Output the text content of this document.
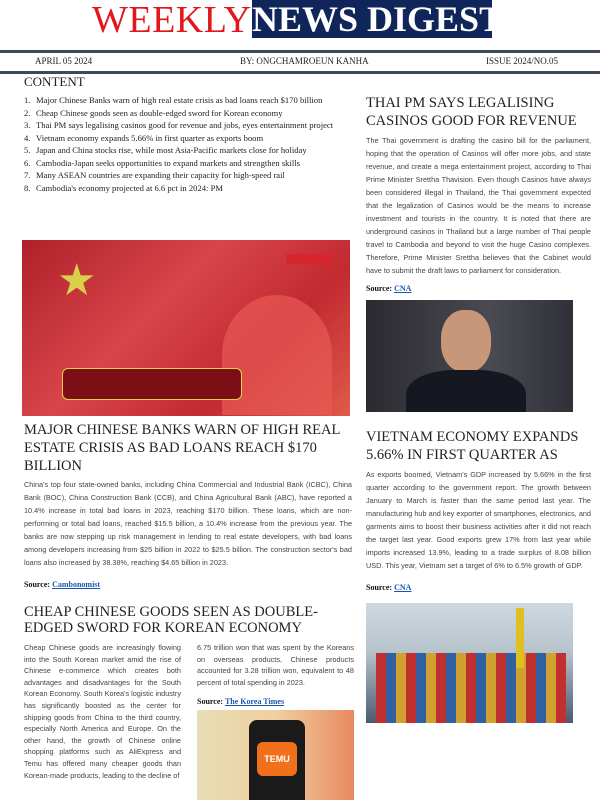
WEEKLY NEWS DIGEST
APRIL 05 2024	BY: ONGCHAMROEUN KANHA	ISSUE 2024/NO.05
CONTENT
1. Major Chinese Banks warn of high real estate crisis as bad loans reach $170 billion
2. Cheap Chinese goods seen as double-edged sword for Korean economy
3. Thai PM says legalising casinos good for revenue and jobs, eyes entertainment project
4. Vietnam economy expands 5.66% in first quarter as exports boom
5. Japan and China stocks rise, while most Asia-Pacific markets close for holiday
6. Cambodia-Japan seeks opportunities to expand markets and strengthen skills
7. Many ASEAN countries are expanding their capacity for high-speed rail
8. Cambodia's economy projected at 6.6 pct in 2024: PM
★
MAJOR CHINESE BANKS WARN OF HIGH REAL ESTATE CRISIS AS BAD LOANS REACH $170 BILLION
China's top four state-owned banks, including China Commercial and Industrial Bank (ICBC), China Bank (BOC), China Construction Bank (CCB), and China Agricultural Bank (ABC), have reported a 10.4% increase in total bad loans in 2023, reaching $170 billion. These loans, which are non-performing or total bad loans, reached $15.5 billion, a 10.4% increase from the previous year. The banks are now stepping up risk management in lending to real estate developers, with bad loans among developers increasing from $25 billion in 2022 to $25.5 billion. The construction sector's bad loans also increased by 38.38%, reaching $4.65 billion in 2023.
Source: Cambonomist
CHEAP CHINESE GOODS SEEN AS DOUBLE-EDGED SWORD FOR KOREAN ECONOMY
Cheap Chinese goods are increasingly flowing into the South Korean market amid the rise of Chinese e-commerce which creates both advantages and disadvantages for the South Korean Economy. South Korea's logistic industry has significantly boosted as the center for shipping goods from China to the third country, especially North America and Europe. On the other hand, the growth of Chinese online shopping platforms such as AliExpress and Temu has offered many cheaper goods than Korean-made products, leading to the decline of
6.75 trillion won that was spent by the Koreans on overseas products, Chinese products accounted for 3.28 trillion won, equivalent to 48 percent of total spending in 2023.
Source: The Korea Times
TEMU
THAI PM SAYS LEGALISING CASINOS GOOD FOR REVENUE
The Thai government is drafting the casino bill for the parliament, hoping that the operation of Casinos will offer more jobs, and state revenue, and create a mega entertainment project, according to Thai Prime Minister Srettha Thavision. Even though Casinos have always been considered illegal in Thailand, the Thai government expected that the legalization of Casinos would be the means to increase investment and tourists in the country. It is noted that there are underground casinos in Thailand but a large number of Thai people travel to Cambodia and beyond to visit the huge Casino complexes. Therefore, Prime Minister Srettha believes that the Cabinet would have to submit the draft laws to parliament for consideration.
Source: CNA
VIETNAM ECONOMY EXPANDS 5.66% IN FIRST QUARTER AS
As exports boomed, Vietnam's GDP increased by 5.66% in the first quarter according to the government report. The growth between January to March is faster than the same period last year. The manufacturing hub and key exporter of smartphones, electronics, and garments aims to boost their business activities after it did not reach the target last year. Good exports grew 17% from last year while imports increased 13.9%, leading to a trade surplus of 8.08 billion USD. This year, Vietnam set a target of 6% to 6.5% growth of GDP.
Source: CNA
